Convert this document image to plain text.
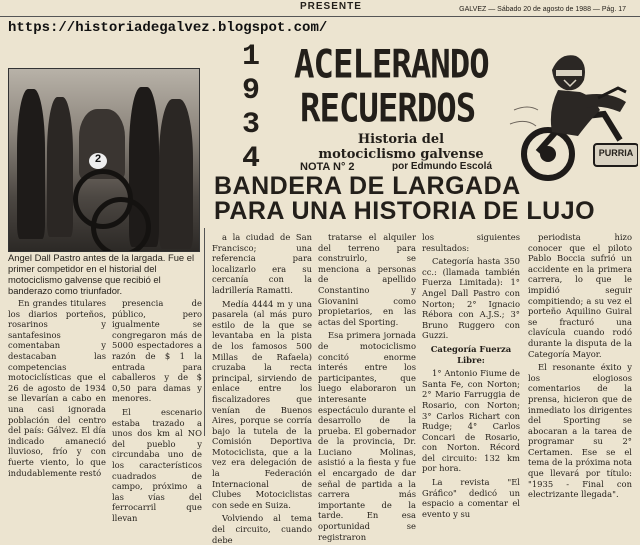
PRESENTE	GALVEZ — Sábado 20 de agosto de 1988 — Pág. 17
https://historiadegalvez.blogspot.com/
2
Angel Dall Pastro antes de la largada. Fue el primer competidor en el historial del motociclismo galvense que recibió el banderazo como triunfador.
1
9
3
4
ACELERANDO
RECUERDOS
Historia del motociclismo galvense
NOTA N° 2	por Edmundo Escolá
PURRIA
BANDERA DE LARGADA
PARA UNA HISTORIA DE LUJO

En grandes titulares los diarios porteños, rosarinos y santafesinos comentaban y destacaban las competencias motociclísticas que el 26 de agosto de 1934 se llevarían a cabo en una casi ignorada población del centro del país: Gálvez. El día indicado amaneció lluvioso, frío y con fuerte viento, lo que indudablemente restó

presencia de público, pero igualmente se congregaron más de 5000 espectadores a razón de $ 1 la entrada para caballeros y de $ 0,50 para damas y menores.

El escenario estaba trazado a unos dos km al NO del pueblo y circundaba uno de los característicos cuadrados de campo, próximo a las vías del ferrocarril que llevan

a la ciudad de San Francisco; una referencia para localizarlo era su cercanía con la ladrillería Ramatti.

Medía 4444 m y una pasarela (al más puro estilo de la que se levantaba en la pista de los famosos 500 Millas de Rafaela) cruzaba la recta principal, sirviendo de enlace entre los fiscalizadores que venían de Buenos Aires, porque se corría bajo la tutela de la Comisión Deportiva Motociclista, que a la vez era delegación de la Federación Internacional de Clubes Motociclistas con sede en Suiza.

Volviendo al tema del circuito, cuando debe

tratarse el alquiler del terreno para construirlo, se menciona a personas de apellido Constantino y Giovanini como propietarios, en las actas del Sporting.

Esa primera jornada de motociclismo concitó enorme interés entre los participantes, que luego elaboraron un interesante espectáculo durante el desarrollo de la prueba. El gobernador de la provincia, Dr. Luciano Molinas, asistió a la fiesta y fue el encargado de dar señal de partida a la carrera más importante de la tarde. En esa oportunidad se registraron

los siguientes resultados:

Categoría hasta 350 cc.: (llamada también Fuerza Limitada): 1° Angel Dall Pastro con Norton; 2° Ignacio Rébora con A.J.S.; 3° Bruno Ruggero con Guzzi.

Categoría Fuerza Libre:

1° Antonio Fiume de Santa Fe, con Norton; 2° Mario Farruggia de Rosario, con Norton; 3° Carlos Richart con Rudge; 4° Carlos Concari de Rosario, con Norton. Récord del circuito: 132 km por hora.

La revista "El Gráfico" dedicó un espacio a comentar el evento y su

periodista hizo conocer que el piloto Pablo Boccia sufrió un accidente en la primera carrera, lo que le impidió seguir compitiendo; a su vez el porteño Aquilino Guiral se fracturó una clavícula cuando rodó durante la disputa de la Categoría Mayor.

El resonante éxito y los elogiosos comentarios de la prensa, hicieron que de inmediato los dirigentes del Sporting se abocaran a la tarea de programar su 2° Certamen. Ese se el tema de la próxima nota que llevará por título: "1935 - Final con electrizante llegada".
